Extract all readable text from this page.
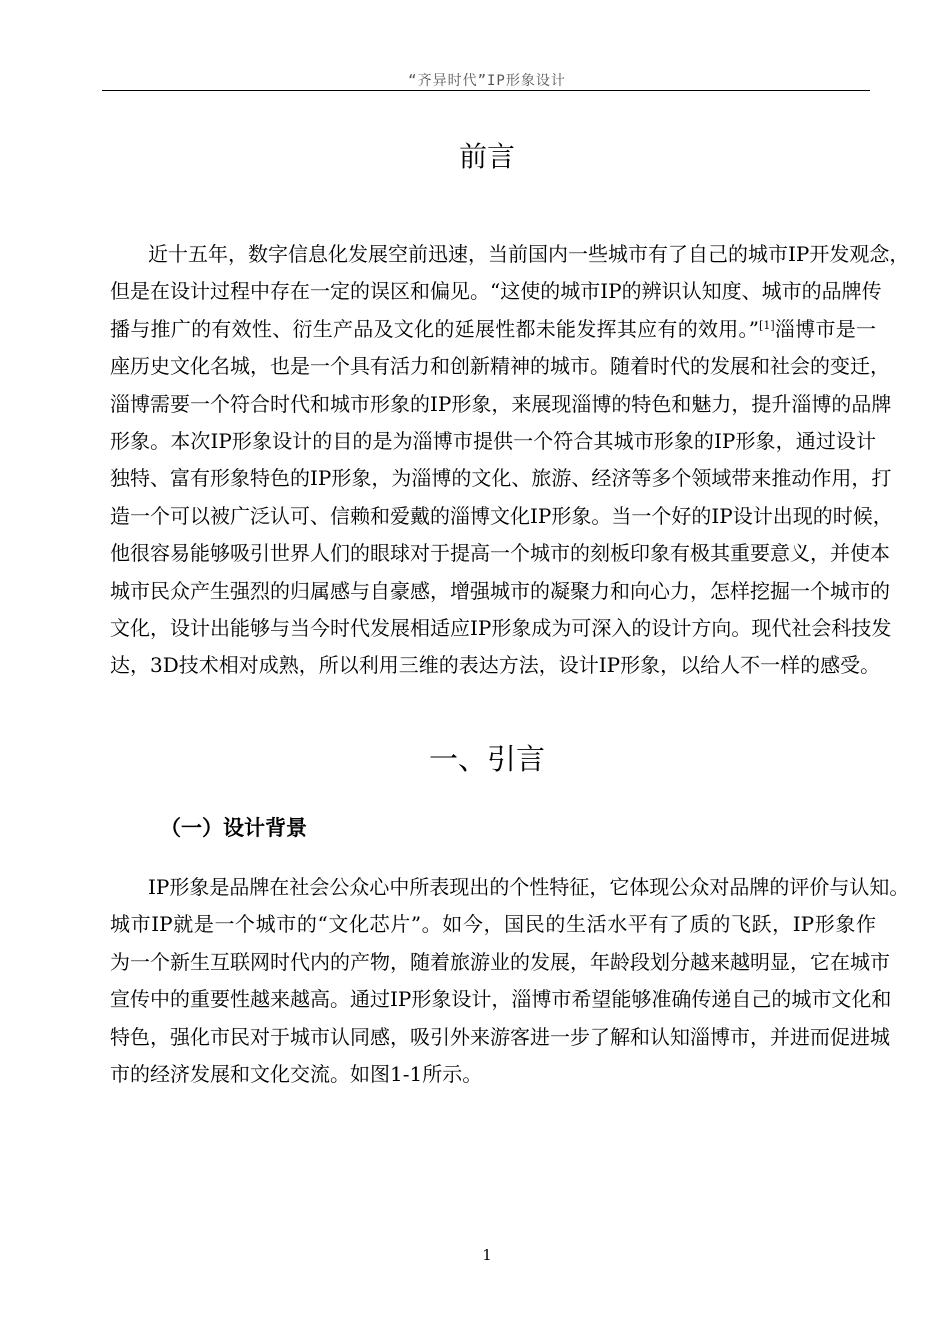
“齐异时代”IP形象设计
前言
近十五年，数字信息化发展空前迅速，当前国内一些城市有了自己的城市IP开发观念，
但是在设计过程中存在一定的误区和偏见。“这使的城市IP的辨识认知度、城市的品牌传
播与推广的有效性、衍生产品及文化的延展性都未能发挥其应有的效用。”[1]淄博市是一
座历史文化名城，也是一个具有活力和创新精神的城市。随着时代的发展和社会的变迁，
淄博需要一个符合时代和城市形象的IP形象，来展现淄博的特色和魅力，提升淄博的品牌
形象。本次IP形象设计的目的是为淄博市提供一个符合其城市形象的IP形象，通过设计
独特、富有形象特色的IP形象，为淄博的文化、旅游、经济等多个领域带来推动作用，打
造一个可以被广泛认可、信赖和爱戴的淄博文化IP形象。当一个好的IP设计出现的时候，
他很容易能够吸引世界人们的眼球对于提高一个城市的刻板印象有极其重要意义，并使本
城市民众产生强烈的归属感与自豪感，增强城市的凝聚力和向心力，怎样挖掘一个城市的
文化，设计出能够与当今时代发展相适应IP形象成为可深入的设计方向。现代社会科技发
达，3D技术相对成熟，所以利用三维的表达方法，设计IP形象，以给人不一样的感受。
一、引言
（一）设计背景
IP形象是品牌在社会公众心中所表现出的个性特征，它体现公众对品牌的评价与认知。
城市IP就是一个城市的“文化芯片”。如今，国民的生活水平有了质的飞跃，IP形象作
为一个新生互联网时代内的产物，随着旅游业的发展，年龄段划分越来越明显，它在城市
宣传中的重要性越来越高。通过IP形象设计，淄博市希望能够准确传递自己的城市文化和
特色，强化市民对于城市认同感，吸引外来游客进一步了解和认知淄博市，并进而促进城
市的经济发展和文化交流。如图1-1所示。
1
